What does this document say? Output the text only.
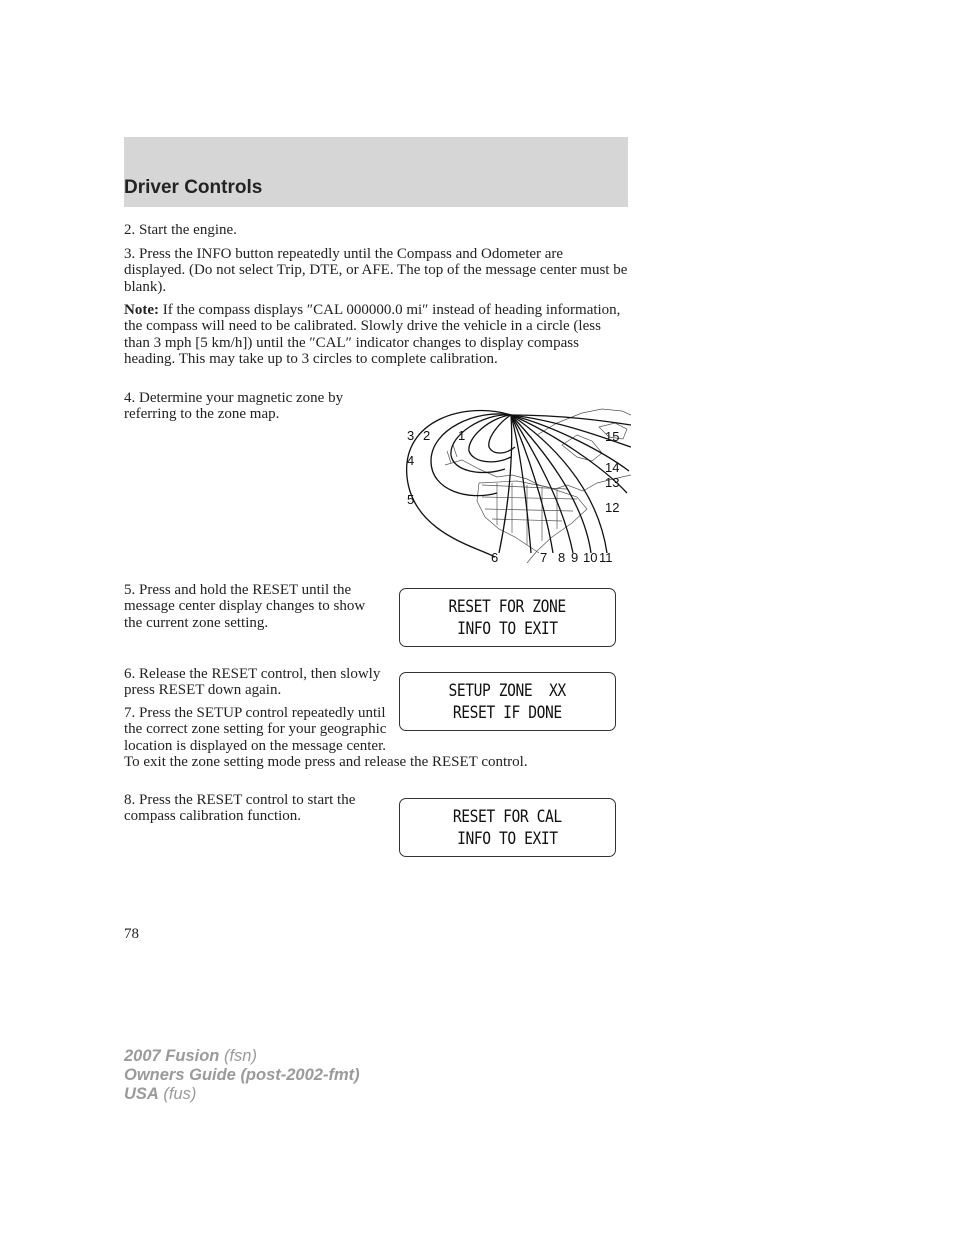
Driver Controls

2. Start the engine.

3. Press the INFO button repeatedly until the Compass and Odometer are displayed. (Do not select Trip, DTE, or AFE. The top of the message center must be blank).

Note: If the compass displays ″CAL 000000.0 mi″ instead of heading information, the compass will need to be calibrated. Slowly drive the vehicle in a circle (less than 3 mph [5 km/h]) until the ″CAL″ indicator changes to display compass heading. This may take up to 3 circles to complete calibration.

4. Determine your magnetic zone by referring to the zone map.

1
2
3
4
5
6	7 8 9 10 11
12
13
14
15

5. Press and hold the RESET until the message center display changes to show the current zone setting.

RESET FOR ZONE
INFO TO EXIT

6. Release the RESET control, then slowly press RESET down again.	SETUP ZONE  XX
RESET IF DONE

7. Press the SETUP control repeatedly until the correct zone setting for your geographic location is displayed on the message center. To exit the zone setting mode press and release the RESET control.

8. Press the RESET control to start the compass calibration function.	RESET FOR CAL
INFO TO EXIT
78
2007 Fusion (fsn)
Owners Guide (post-2002-fmt)
USA (fus)
